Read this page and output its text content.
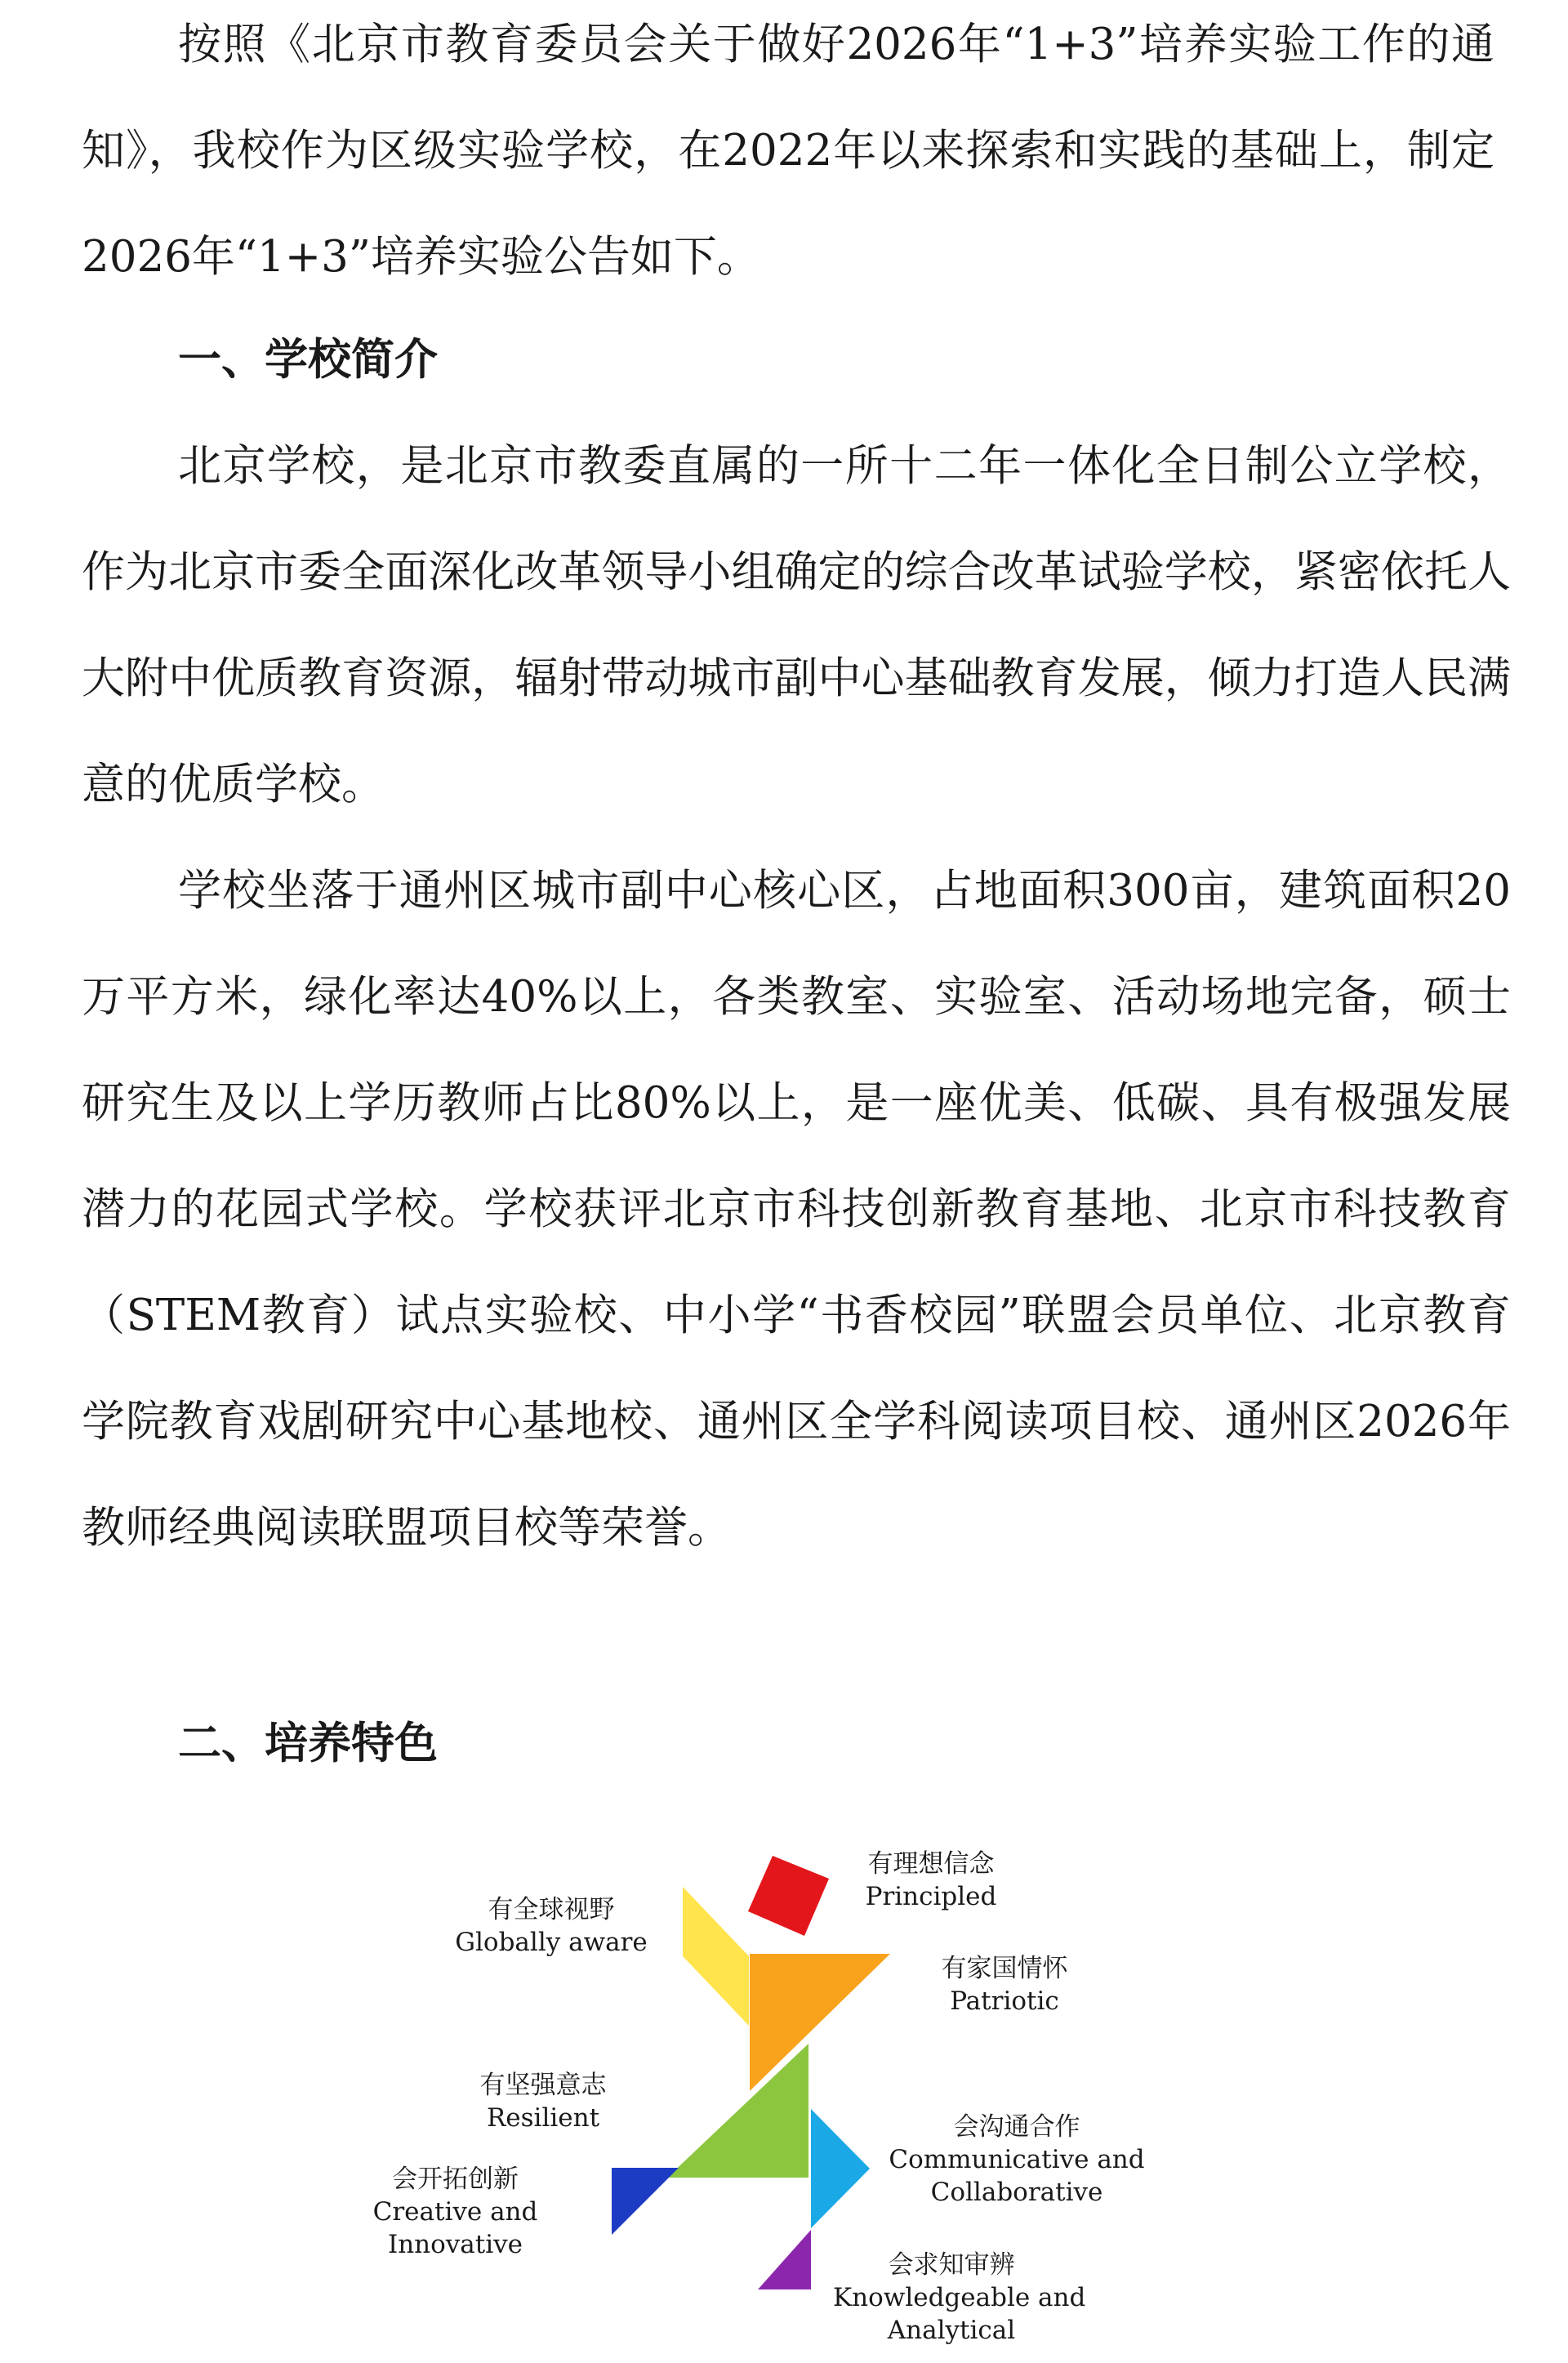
按照《北京市教育委员会关于做好2026年“1+3”培养实验工作的通知》，我校作为区级实验学校，在2022年以来探索和实践的基础上，制定2026年“1+3”培养实验公告如下。

一、学校简介

北京学校，是北京市教委直属的一所十二年一体化全日制公立学校，作为北京市委全面深化改革领导小组确定的综合改革试验学校，紧密依托人大附中优质教育资源，辐射带动城市副中心基础教育发展，倾力打造人民满意的优质学校。

学校坐落于通州区城市副中心核心区，占地面积300亩，建筑面积20万平方米，绿化率达40%以上，各类教室、实验室、活动场地完备，硕士研究生及以上学历教师占比80%以上，是一座优美、低碳、具有极强发展潜力的花园式学校。学校获评北京市科技创新教育基地、北京市科技教育（STEM教育）试点实验校、中小学“书香校园”联盟会员单位、北京教育学院教育戏剧研究中心基地校、通州区全学科阅读项目校、通州区2026年教师经典阅读联盟项目校等荣誉。

二、培养特色

有理想信念
Principled
有全球视野
Globally aware
有家国情怀
Patriotic
有坚强意志
Resilient	会沟通合作
Communicative and
Collaborative
会开拓创新
Creative and
Innovative
会求知审辨
Knowledgeable and
Analytical
